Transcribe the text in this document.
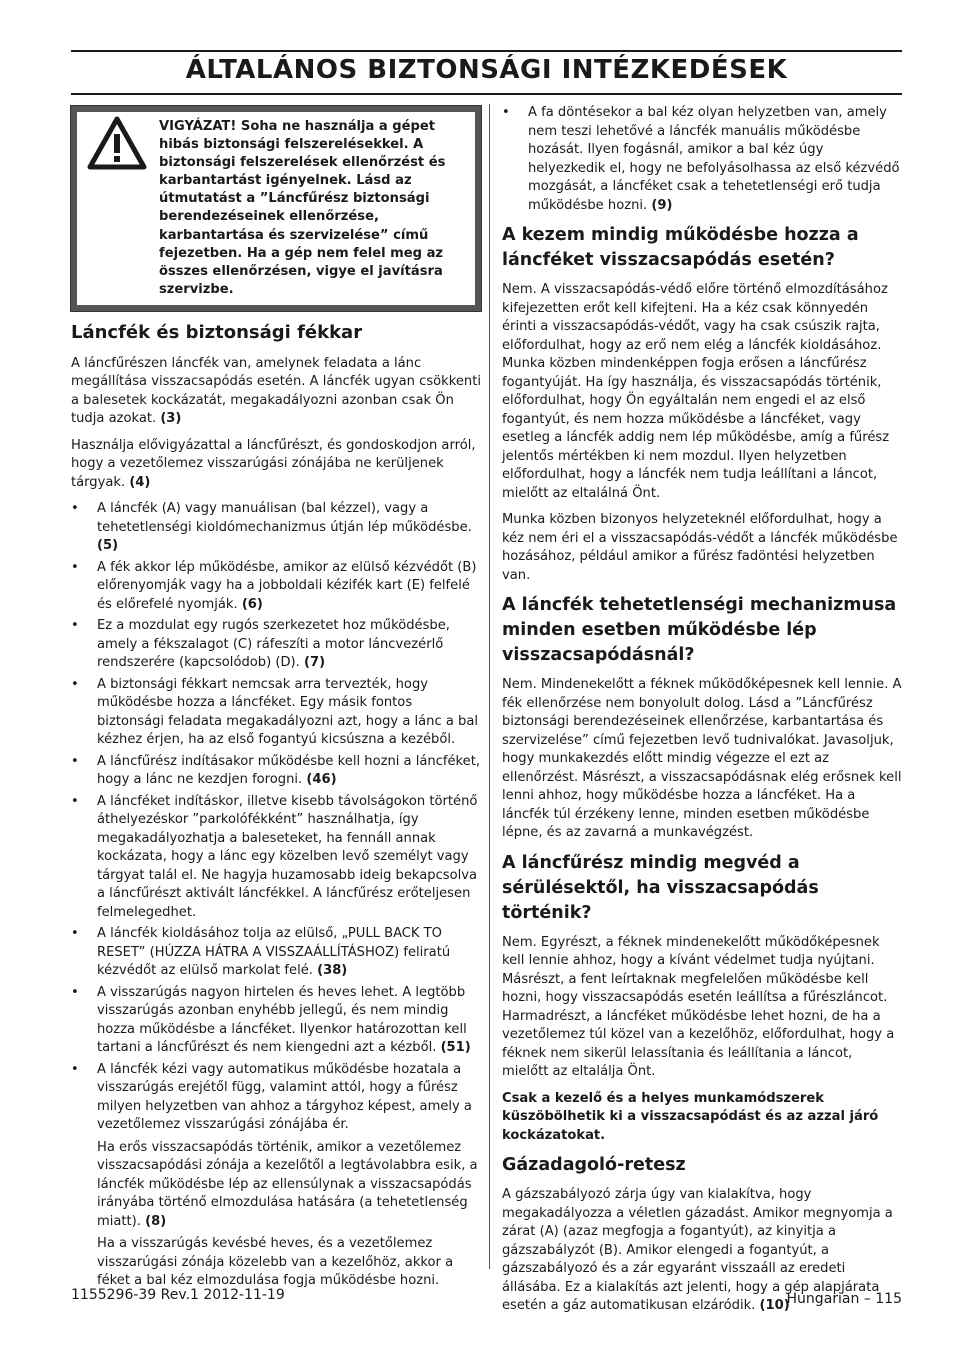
ÁLTALÁNOS BIZTONSÁGI INTÉZKEDÉSEK
VIGYÁZAT! Soha ne használja a gépet hibás biztonsági felszerelésekkel. A biztonsági felszerelések ellenőrzést és karbantartást igényelnek. Lásd az útmutatást a ”Láncfűrész biztonsági berendezéseinek ellenőrzése, karbantartása és szervizelése” című fejezetben. Ha a gép nem felel meg az összes ellenőrzésen, vigye el javításra szervizbe.
Láncfék és biztonsági fékkar

A láncfűrészen láncfék van, amelynek feladata a lánc megállítása visszacsapódás esetén. A láncfék ugyan csökkenti a balesetek kockázatát, megakadályozni azonban csak Ön tudja azokat. (3)

Használja elővigyázattal a láncfűrészt, és gondoskodjon arról, hogy a vezetőlemez visszarúgási zónájába ne kerüljenek tárgyak. (4)

• A láncfék (A) vagy manuálisan (bal kézzel), vagy a tehetetlenségi kioldómechanizmus útján lép működésbe. (5)
• A fék akkor lép működésbe, amikor az elülső kézvédőt (B) előrenyomják vagy ha a jobboldali kézifék kart (E) felfelé és előrefelé nyomják. (6)
• Ez a mozdulat egy rugós szerkezetet hoz működésbe, amely a fékszalagot (C) ráfeszíti a motor láncvezérlő rendszerére (kapcsolódob) (D). (7)
• A biztonsági fékkart nemcsak arra tervezték, hogy működésbe hozza a láncféket. Egy másik fontos biztonsági feladata megakadályozni azt, hogy a lánc a bal kézhez érjen, ha az első fogantyú kicsúszna a kezéből.
• A láncfűrész indításakor működésbe kell hozni a láncféket, hogy a lánc ne kezdjen forogni. (46)
• A láncféket indításkor, illetve kisebb távolságokon történő áthelyezéskor ”parkolófékként” használhatja, így megakadályozhatja a baleseteket, ha fennáll annak kockázata, hogy a lánc egy közelben levő személyt vagy tárgyat talál el. Ne hagyja huzamosabb ideig bekapcsolva a láncfűrészt aktivált láncfékkel. A láncfűrész erőteljesen felmelegedhet.
• A láncfék kioldásához tolja az elülső, „PULL BACK TO RESET” (HÚZZA HÁTRA A VISSZAÁLLÍTÁSHOZ) feliratú kézvédőt az elülső markolat felé. (38)
• A visszarúgás nagyon hirtelen és heves lehet. A legtöbb visszarúgás azonban enyhébb jellegű, és nem mindig hozza működésbe a láncféket. Ilyenkor határozottan kell tartani a láncfűrészt és nem kiengedni azt a kézből. (51)
• A láncfék kézi vagy automatikus működésbe hozatala a visszarúgás erejétől függ, valamint attól, hogy a fűrész milyen helyzetben van ahhoz a tárgyhoz képest, amely a vezetőlemez visszarúgási zónájába ér.

Ha erős visszacsapódás történik, amikor a vezetőlemez visszacsapódási zónája a kezelőtől a legtávolabbra esik, a láncfék működésbe lép az ellensúlynak a visszacsapódás irányába történő elmozdulása hatására (a tehetetlenség miatt). (8)

Ha a visszarúgás kevésbé heves, és a vezetőlemez visszarúgási zónája közelebb van a kezelőhöz, akkor a féket a bal kéz elmozdulása fogja működésbe hozni.

• A fa döntésekor a bal kéz olyan helyzetben van, amely nem teszi lehetővé a láncfék manuális működésbe hozását. Ilyen fogásnál, amikor a bal kéz úgy helyezkedik el, hogy ne befolyásolhassa az első kézvédő mozgását, a láncféket csak a tehetetlenségi erő tudja működésbe hozni. (9)
A kezem mindig működésbe hozza a láncféket visszacsapódás esetén?

Nem. A visszacsapódás-védő előre történő elmozdításához kifejezetten erőt kell kifejteni. Ha a kéz csak könnyedén érinti a visszacsapódás-védőt, vagy ha csak csúszik rajta, előfordulhat, hogy az erő nem elég a láncfék kioldásához. Munka közben mindenképpen fogja erősen a láncfűrész fogantyúját. Ha így használja, és visszacsapódás történik, előfordulhat, hogy Ön egyáltalán nem engedi el az első fogantyút, és nem hozza működésbe a láncféket, vagy esetleg a láncfék addig nem lép működésbe, amíg a fűrész jelentős mértékben ki nem mozdul. Ilyen helyzetben előfordulhat, hogy a láncfék nem tudja leállítani a láncot, mielőtt az eltalálná Önt.

Munka közben bizonyos helyzeteknél előfordulhat, hogy a kéz nem éri el a visszacsapódás-védőt a láncfék működésbe hozásához, például amikor a fűrész fadöntési helyzetben van.

A láncfék tehetetlenségi mechanizmusa minden esetben működésbe lép visszacsapódásnál?

Nem. Mindenekelőtt a féknek működőképesnek kell lennie. A fék ellenőrzése nem bonyolult dolog. Lásd a ”Láncfűrész biztonsági berendezéseinek ellenőrzése, karbantartása és szervizelése” című fejezetben levő tudnivalókat. Javasoljuk, hogy munkakezdés előtt mindig végezze el ezt az ellenőrzést. Másrészt, a visszacsapódásnak elég erősnek kell lenni ahhoz, hogy működésbe hozza a láncféket. Ha a láncfék túl érzékeny lenne, minden esetben működésbe lépne, és az zavarná a munkavégzést.

A láncfűrész mindig megvéd a sérülésektől, ha visszacsapódás történik?

Nem. Egyrészt, a féknek mindenekelőtt működőképesnek kell lennie ahhoz, hogy a kívánt védelmet tudja nyújtani. Másrészt, a fent leírtaknak megfelelően működésbe kell hozni, hogy visszacsapódás esetén leállítsa a fűrészláncot. Harmadrészt, a láncféket működésbe lehet hozni, de ha a vezetőlemez túl közel van a kezelőhöz, előfordulhat, hogy a féknek nem sikerül lelassítania és leállítania a láncot, mielőtt az eltalálja Önt.

Csak a kezelő és a helyes munkamódszerek küszöbölhetik ki a visszacsapódást és az azzal járó kockázatokat.

Gázadagoló-retesz

A gázszabályozó zárja úgy van kialakítva, hogy megakadályozza a véletlen gázadást. Amikor megnyomja a zárat (A) (azaz megfogja a fogantyút), az kinyitja a gázszabályzót (B). Amikor elengedi a fogantyút, a gázszabályozó és a zár egyaránt visszaáll az eredeti állásába. Ez a kialakítás azt jelenti, hogy a gép alapjárata esetén a gáz automatikusan elzáródik. (10)

1155296-39 Rev.1 2012-11-19	Hungarian – 115
